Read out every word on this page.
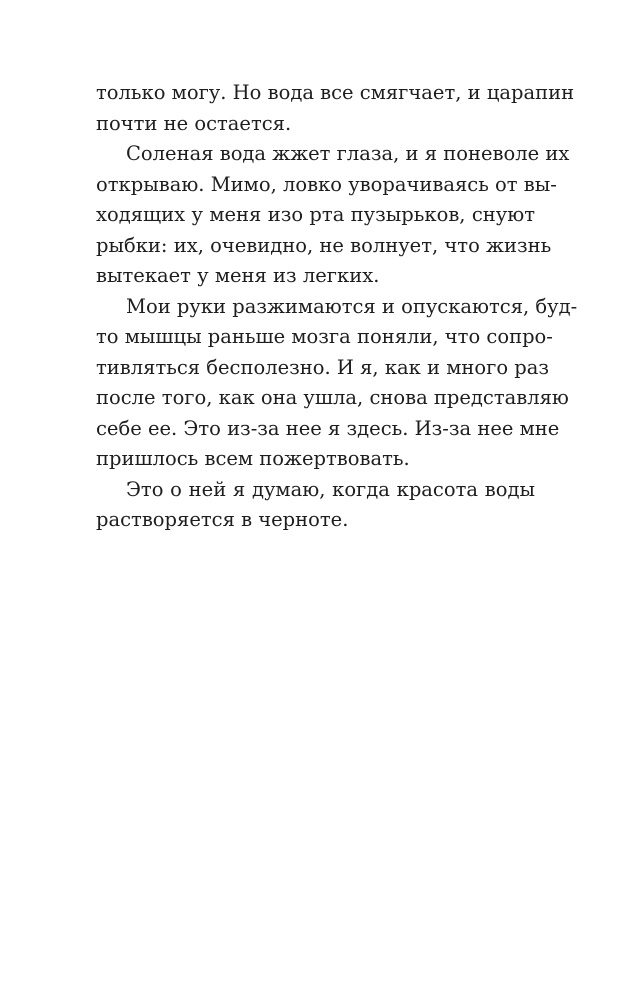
только могу. Но вода все смягчает, и царапин
почти не остается.
Соленая вода жжет глаза, и я поневоле их
открываю. Мимо, ловко уворачиваясь от вы-
ходящих у меня изо рта пузырьков, снуют
рыбки: их, очевидно, не волнует, что жизнь
вытекает у меня из легких.
Мои руки разжимаются и опускаются, буд-
то мышцы раньше мозга поняли, что сопро-
тивляться бесполезно. И я, как и много раз
после того, как она ушла, снова представляю
себе ее. Это из-за нее я здесь. Из-за нее мне
пришлось всем пожертвовать.
Это о ней я думаю, когда красота воды
растворяется в черноте.
